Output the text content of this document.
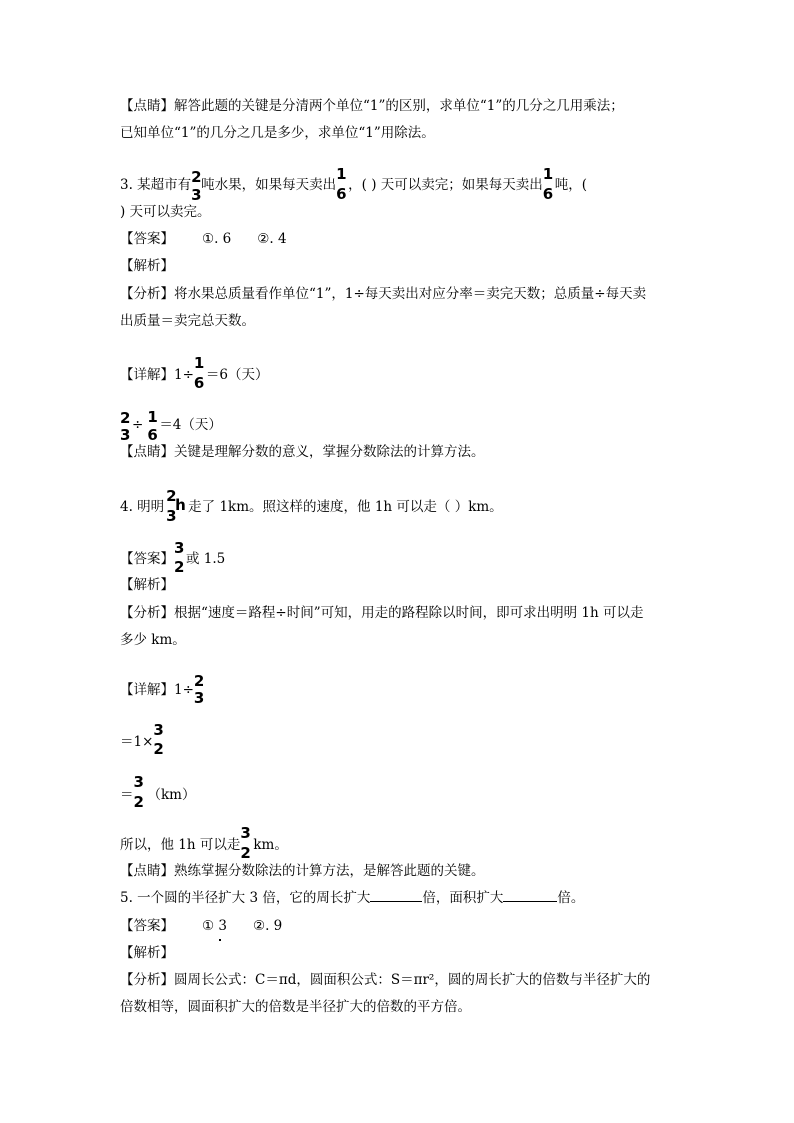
【点睛】解答此题的关键是分清两个单位“1”的区别，求单位“1”的几分之几用乘法；
已知单位“1”的几分之几是多少，求单位“1”用除法。
3. 某超市有 2
3
吨水果，如果每天卖出
1
6 ，( ) 天可以卖完；如果每天卖出
1
6 吨，(
) 天可以卖完。
【答案】 ①. 6 ②. 4
【解析】
【分析】将水果总质量看作单位“1”，1÷每天卖出对应分率＝卖完天数；总质量÷每天卖
出质量＝卖完总天数。
【详解】1÷
1
6 ＝6（天）
2
3
÷ 1
6
＝4（天）
【点睛】关键是理解分数的意义，掌握分数除法的计算方法。
4. 明明
2
3
h 走了 1km。照这样的速度，他 1h 可以走（ ）km。
【答案】
3
2 或 1.5
【解析】
【分析】根据“速度＝路程÷时间”可知，用走的路程除以时间，即可求出明明 1h 可以走
多少 km。
【详解】1÷ 2
3
＝1×
3
2
＝
3
2 （km）
所以，他 1h 可以走
3
2 km。
【点睛】熟练掌握分数除法的计算方法，是解答此题的关键。
5. 一个圆的半径扩大 3 倍，它的周长扩大	倍，面积扩大	倍。
【答案】 ① 3 ②. 9
【解析】
【分析】圆周长公式：C＝πd，圆面积公式：S＝πr²，圆的周长扩大的倍数与半径扩大的
倍数相等，圆面积扩大的倍数是半径扩大的倍数的平方倍。
